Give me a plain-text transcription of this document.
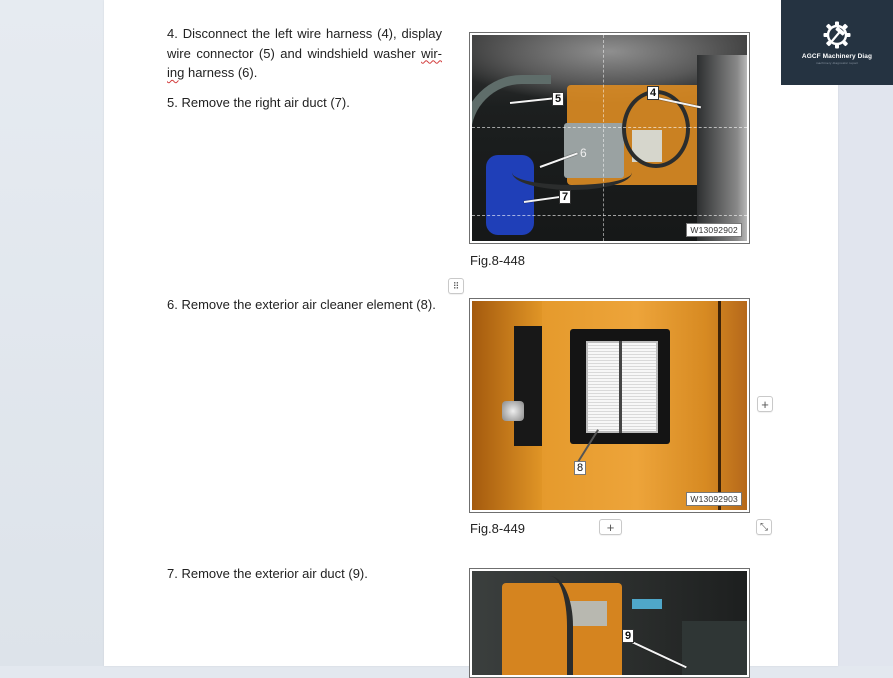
AGCF Machinery Diag
machinery diagnostic repair
4. Disconnect the left wire harness (4), display wire connector (5) and windshield washer wir- ing harness (6).
5. Remove the right air duct (7).	5	4
6
7
W13092902
Fig.8-448
⠿
6. Remove the exterior air cleaner element (8).
8
W13092903
Fig.8-449
+
+	⤡
7. Remove the exterior air duct (9).
9
